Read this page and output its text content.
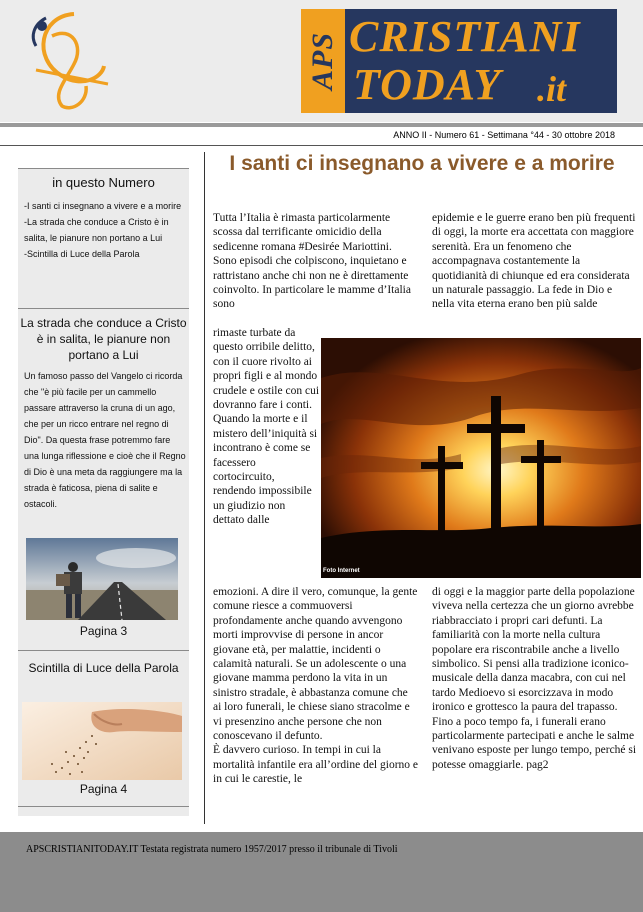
APS CRISTIANI
TODAY .it
ANNO II - Numero 61 - Settimana °44 - 30 ottobre 2018
in questo Numero
-I santi ci insegnano a vivere e a morire
-La strada che conduce a Cristo è in salita, le pianure non portano a Lui
-Scintilla di Luce della Parola
La strada che conduce a Cristo è in salita, le pianure non portano a Lui
Un famoso passo del Vangelo ci ricorda che "è più facile per un cammello passare attraverso la cruna di un ago, che per un ricco entrare nel regno di Dio". Da questa frase potremmo fare una lunga riflessione e cioè che il Regno di Dio è una meta da raggiungere ma la strada è faticosa, piena di salite e ostacoli.
Pagina 3
Scintilla di Luce della Parola
Pagina 4
I santi ci insegnano a vivere e a morire
Tutta l’Italia è rimasta particolarmente scossa dal terrificante omicidio della sedicenne romana #Desirée Mariottini. Sono episodi che colpiscono, inquietano e rattristano anche chi non ne è direttamente coinvolto. In particolare le mamme d’Italia sono
rimaste turbate da questo orribile delitto, con il cuore rivolto ai propri figli e al mondo crudele e ostile con cui dovranno fare i conti. Quando la morte e il mistero dell’iniquità si incontrano è come se facessero cortocircuito, rendendo impossibile un giudizio non dettato dalle
emozioni. A dire il vero, comunque, la gente comune riesce a commuoversi profondamente anche quando avvengono morti improvvise di persone in ancor giovane età, per malattie, incidenti o calamità naturali. Se un adolescente o una giovane mamma perdono la vita in un sinistro stradale, è abbastanza comune che ai loro funerali, le chiese siano stracolme e vi presenzino anche persone che non conoscevano il defunto.
È davvero curioso. In tempi in cui la mortalità infantile era all’ordine del giorno e in cui le carestie, le
epidemie e le guerre erano ben più frequenti di oggi, la morte era accettata con maggiore serenità. Era un fenomeno che accompagnava costantemente la quotidianità di chiunque ed era considerata un naturale passaggio. La fede in Dio e nella vita eterna erano ben più salde
di oggi e la maggior parte della popolazione viveva nella certezza che un giorno avrebbe riabbracciato i propri cari defunti. La familiarità con la morte nella cultura popolare era riscontrabile anche a livello simbolico. Si pensi alla tradizione iconico-musicale della danza macabra, con cui nel tardo Medioevo si esorcizzava in modo ironico e grottesco la paura del trapasso. Fino a poco tempo fa, i funerali erano particolarmente partecipati e anche le salme venivano esposte per lungo tempo, perché si potesse omaggiarle. pag2
Foto Internet
APSCRISTIANITODAY.IT Testata registrata numero 1957/2017 presso il tribunale di Tivoli
